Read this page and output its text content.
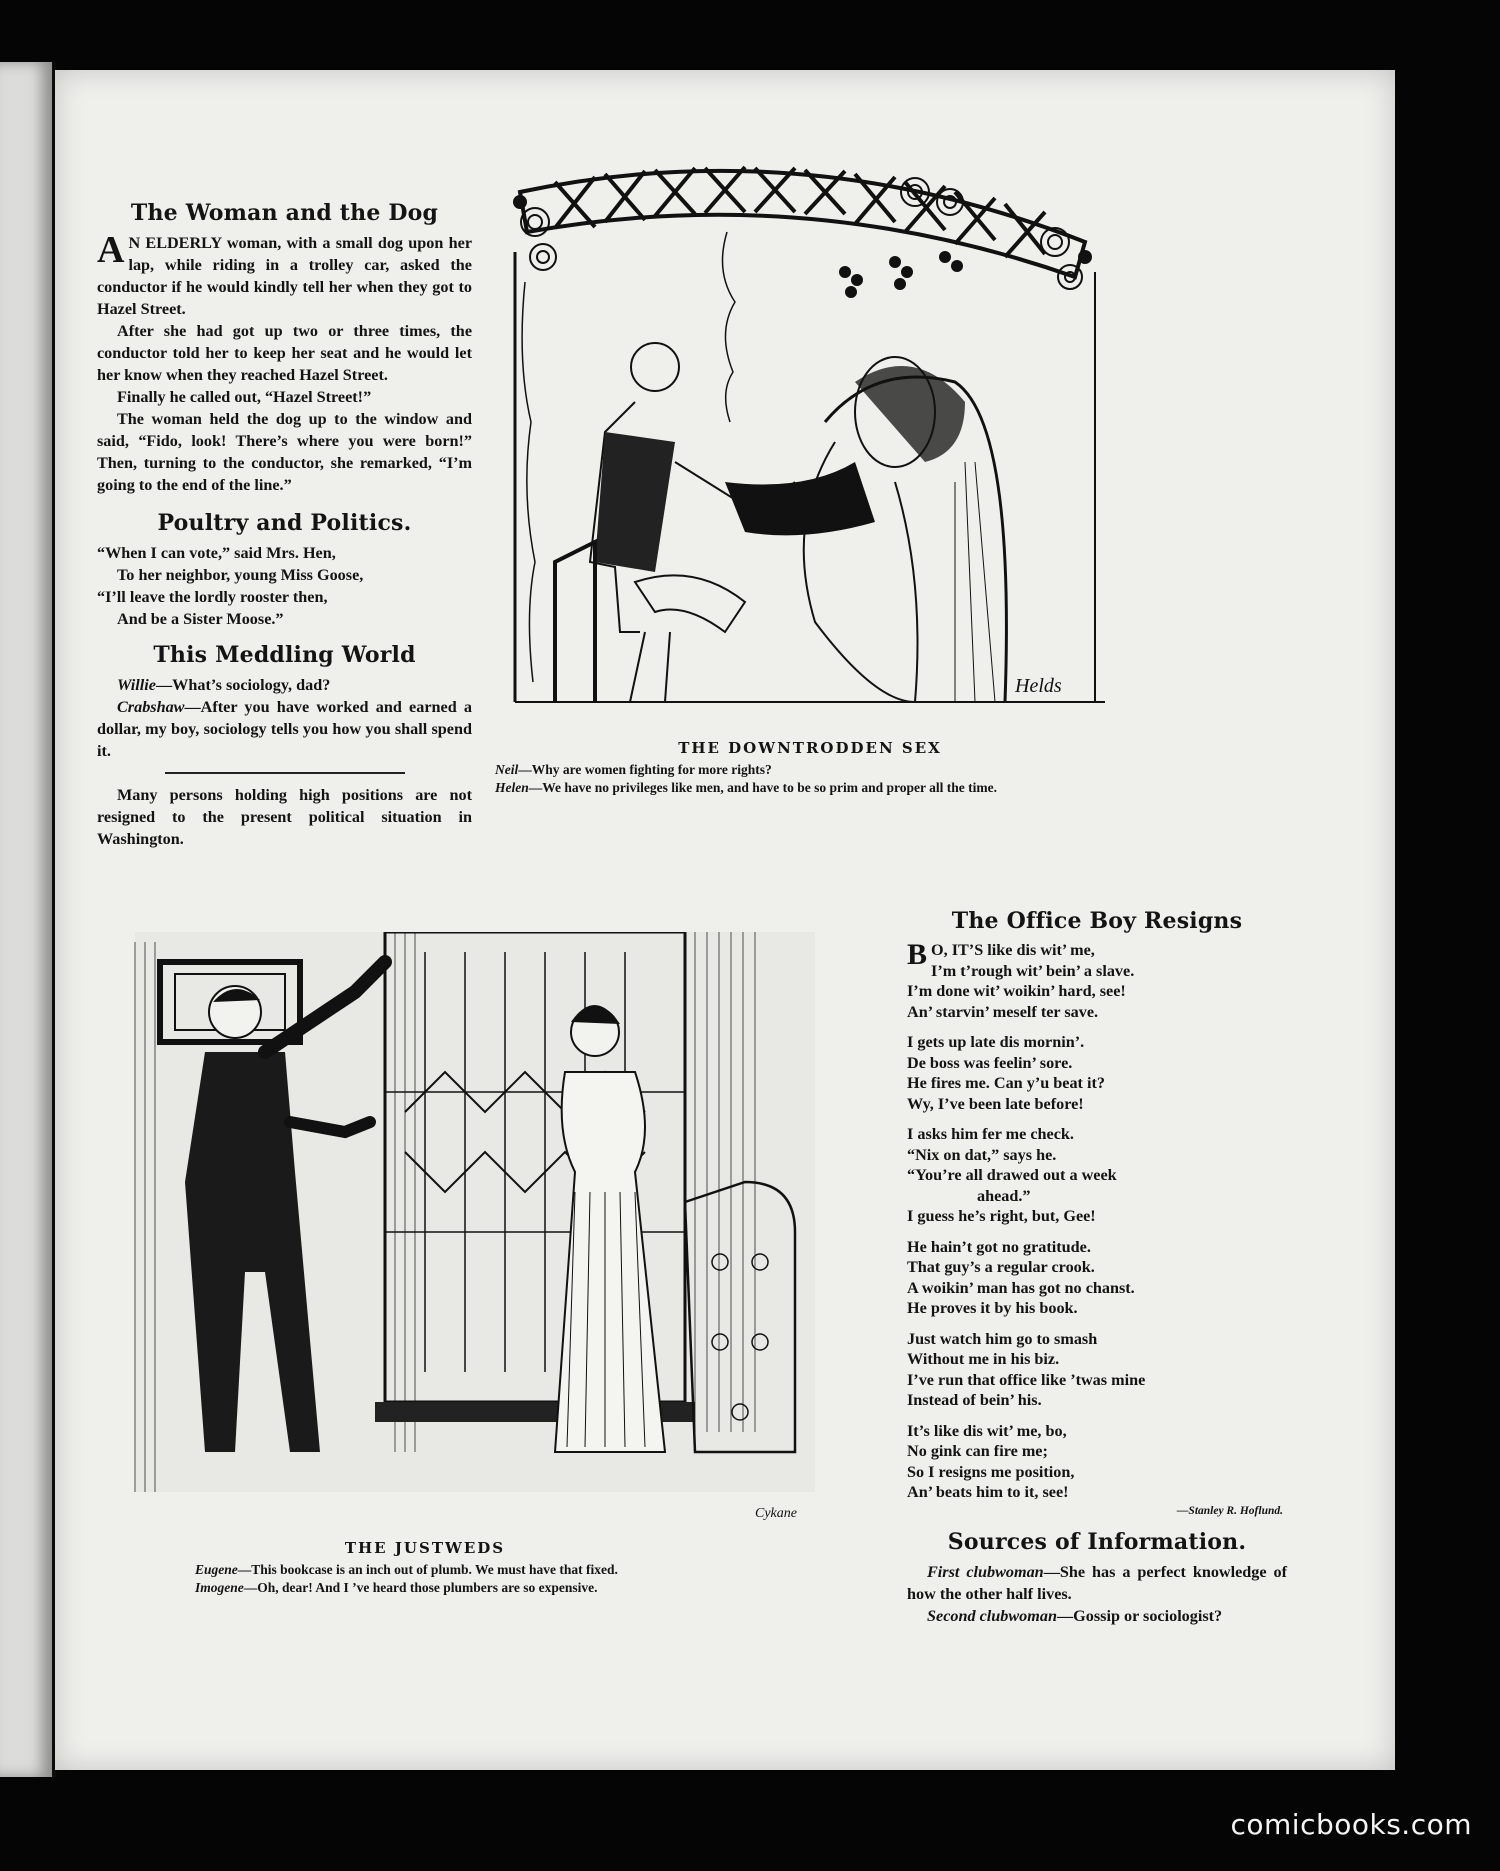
The Woman and the Dog

A N ELDERLY woman, with a small dog upon her lap, while riding in a trolley car, asked the conductor if he would kindly tell her when they got to Hazel Street.

After she had got up two or three times, the conductor told her to keep her seat and he would let her know when they reached Hazel Street.

Finally he called out, “Hazel Street!”

The woman held the dog up to the window and said, “Fido, look! There’s where you were born!” Then, turning to the conductor, she remarked, “I’m going to the end of the line.”

Poultry and Politics.

“When I can vote,” said Mrs. Hen,

To her neighbor, young Miss Goose,

“I’ll leave the lordly rooster then,

And be a Sister Moose.”

This Meddling World

Willie—What’s sociology, dad?

Crabshaw—After you have worked and earned a dollar, my boy, sociology tells you how you shall spend it.

Many persons holding high positions are not resigned to the present political situation in Washington.

Helds
THE DOWNTRODDEN SEX
Neil—Why are women fighting for more rights?
Helen—We have no privileges like men, and have to be so prim and proper all the time.
Cykane
THE JUSTWEDS
Eugene—This bookcase is an inch out of plumb. We must have that fixed.
Imogene—Oh, dear! And I ’ve heard those plumbers are so expensive.
The Office Boy Resigns

B O, IT’S like dis wit’ me,

I’m t’rough wit’ bein’ a slave.

I’m done wit’ woikin’ hard, see!

An’ starvin’ meself ter save.

I gets up late dis mornin’.

De boss was feelin’ sore.

He fires me. Can y’u beat it?

Wy, I’ve been late before!

I asks him fer me check.

“Nix on dat,” says he.

“You’re all drawed out a week

ahead.”

I guess he’s right, but, Gee!

He hain’t got no gratitude.

That guy’s a regular crook.

A woikin’ man has got no chanst.

He proves it by his book.

Just watch him go to smash

Without me in his biz.

I’ve run that office like ’twas mine

Instead of bein’ his.

It’s like dis wit’ me, bo,

No gink can fire me;

So I resigns me position,

An’ beats him to it, see!

—Stanley R. Hoflund.
Sources of Information.

First clubwoman—She has a perfect knowledge of how the other half lives.

Second clubwoman—Gossip or sociologist?

comicbooks.com
